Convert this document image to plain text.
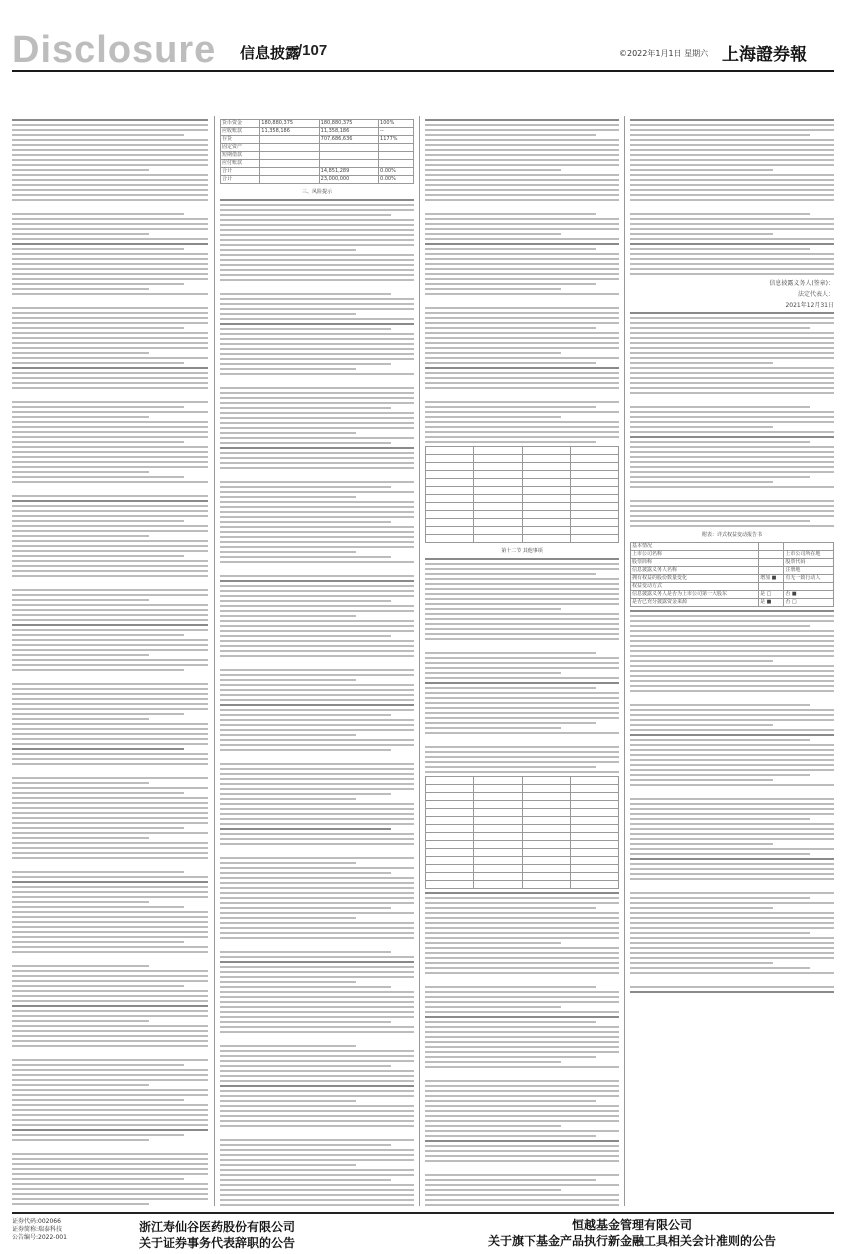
Disclosure 信息披露
/107	©2022年1月1日 星期六 上海證券報
货币资金	180,880,375	180,880,375	100%
应收账款	11,358,186	11,358,186	--
存货		707,686,636	1177%
固定资产			
短期借款			
应付账款			
合计		14,851,289	0.00%
合计		23,000,000	0.00%
三、风险提示

第十二节 其他事项

信息披露义务人(签章)：
法定代表人：
2021年12月31日
附表：详式权益变动报告书
基本情况		
上市公司名称		上市公司所在地
股票简称		股票代码
信息披露义务人名称		注册地
拥有权益的股份数量变化	增加 ■	有无一致行动人
权益变动方式		
信息披露义务人是否为上市公司第一大股东	是 □	否 ■
是否已充分披露资金来源	是 ■	否 □
证券代码:002066
证券简称:瑞泰科技
公告编号:2022-001
浙江寿仙谷医药股份有限公司
关于证券事务代表辞职的公告
恒越基金管理有限公司
关于旗下基金产品执行新金融工具相关会计准则的公告
